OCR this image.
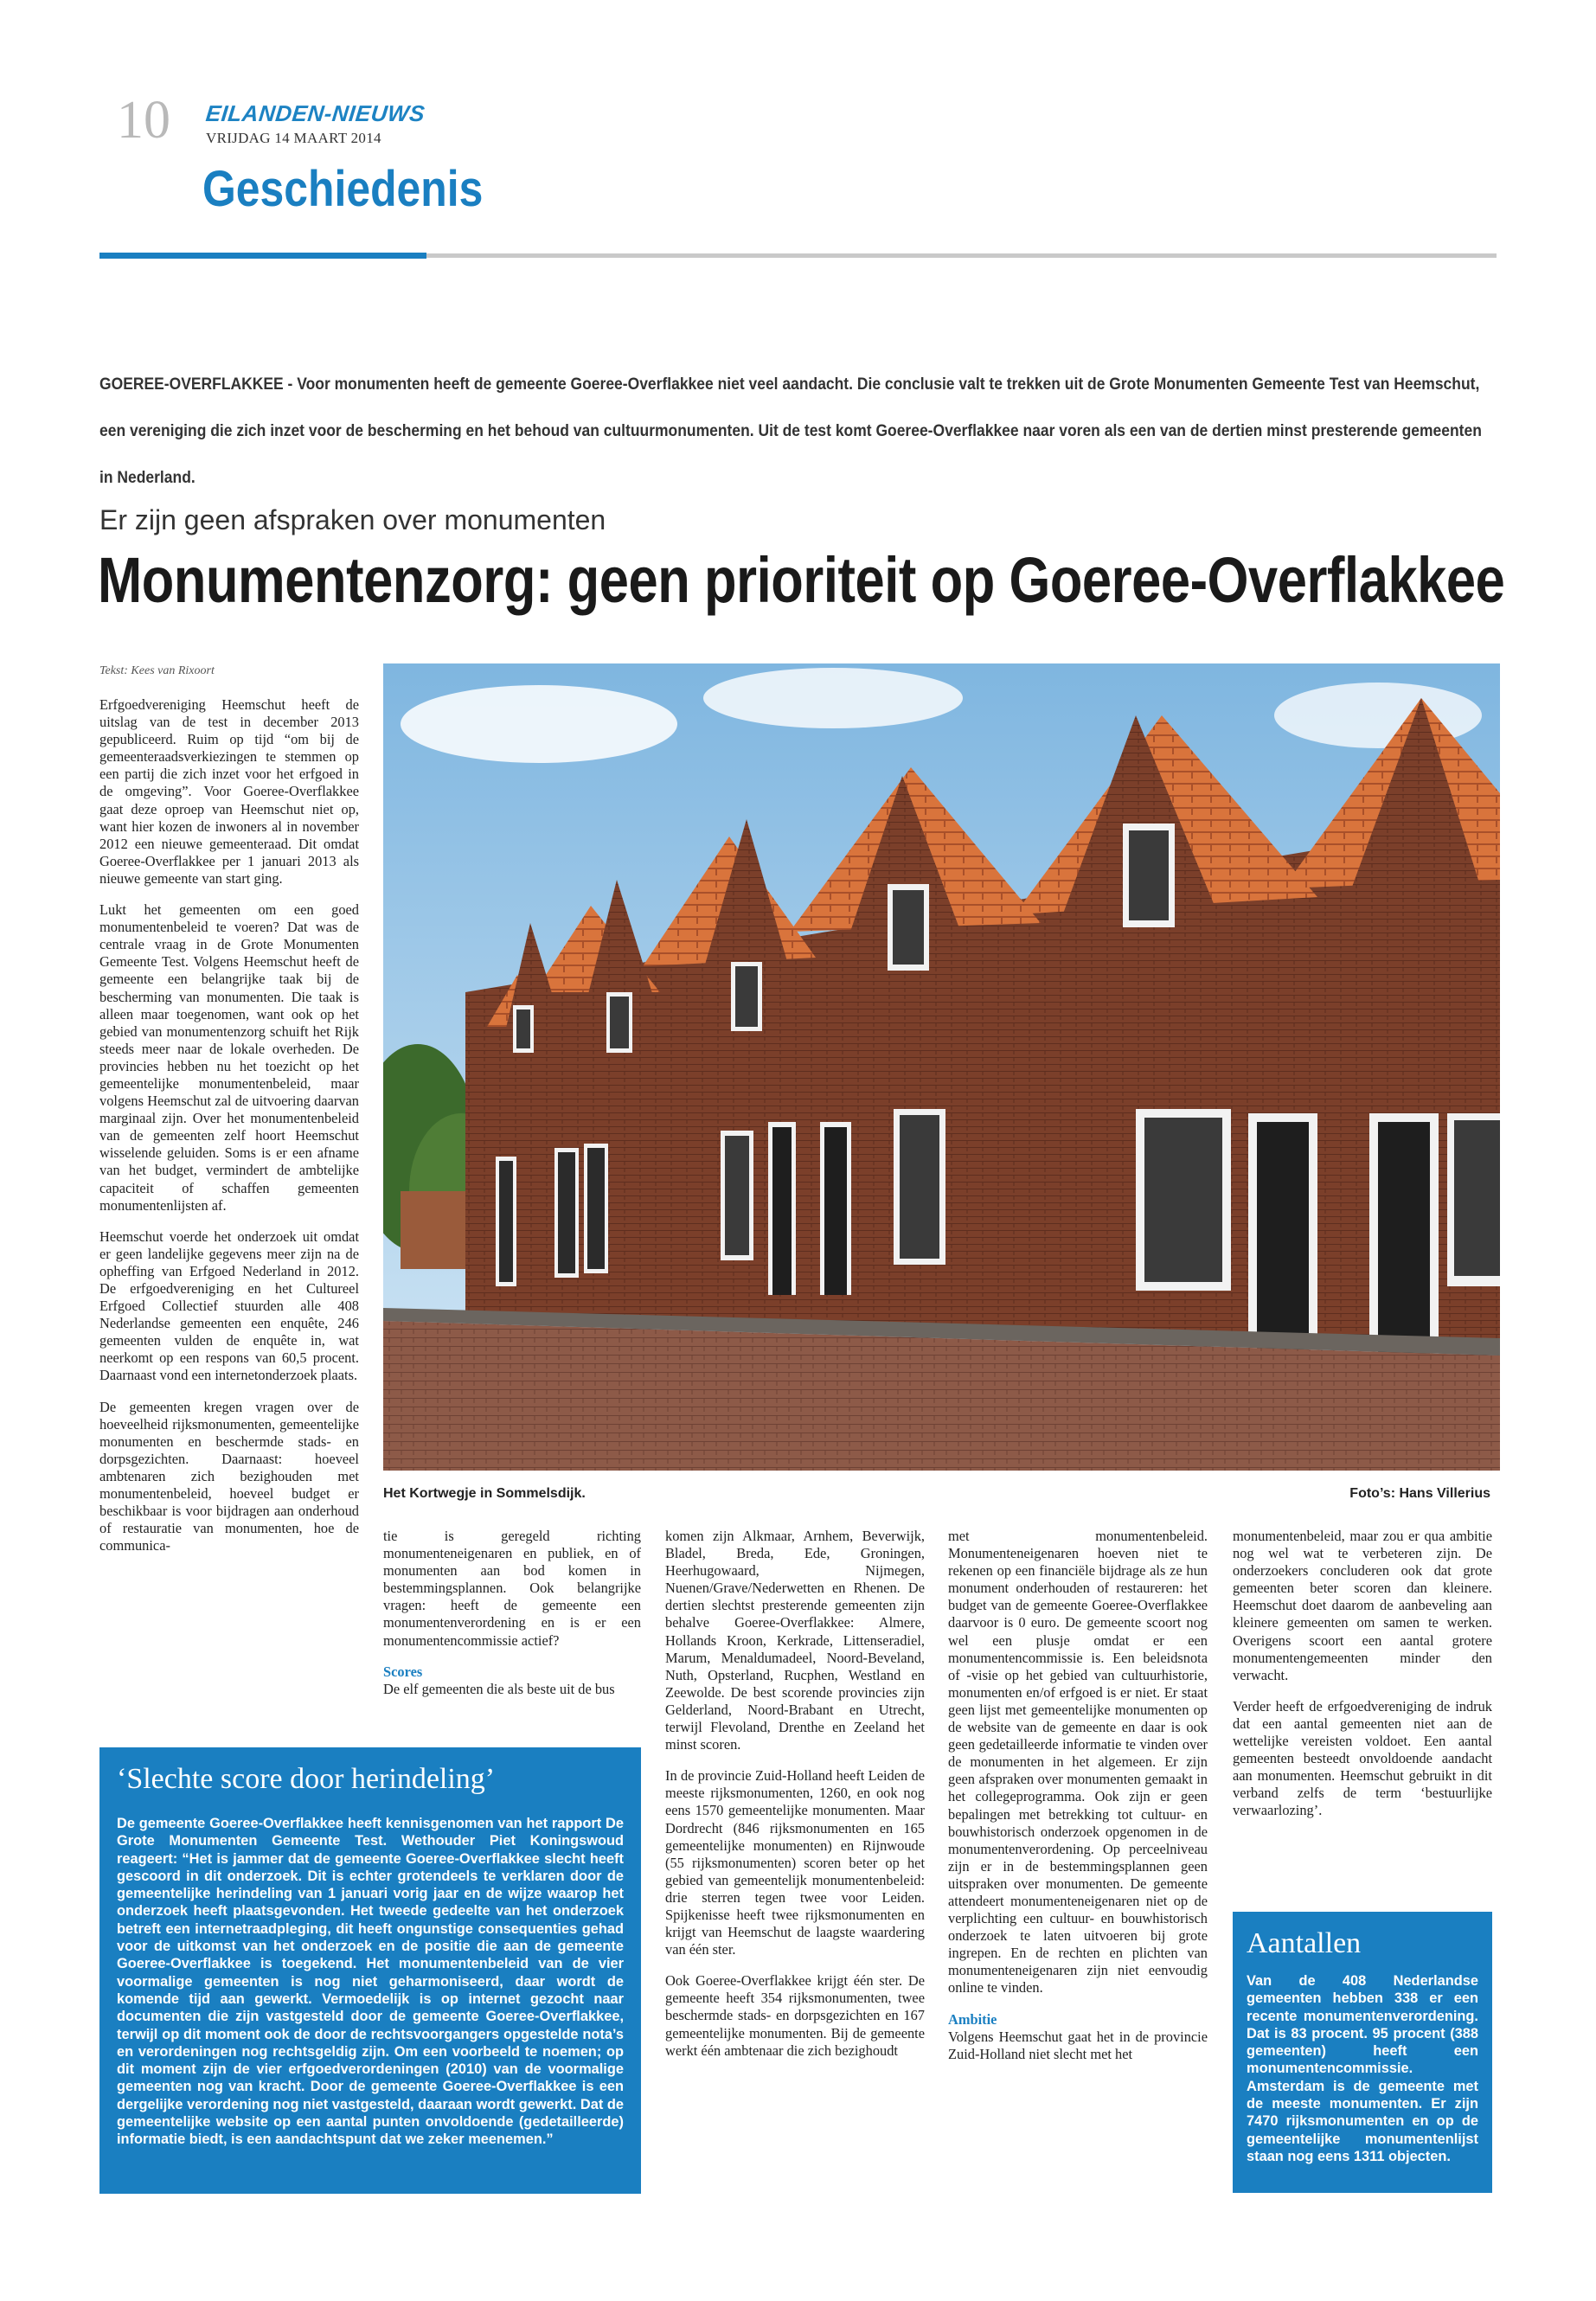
10 EILANDEN-NIEUWS
VRIJDAG 14 MAART 2014
Geschiedenis
GOEREE-OVERFLAKKEE - Voor monumenten heeft de gemeente Goeree-Overflakkee niet veel aandacht. Die conclusie valt te trekken uit de Grote Monumenten Gemeente Test van Heemschut, een vereniging die zich inzet voor de bescherming en het behoud van cultuurmonumenten. Uit de test komt Goeree-Overflakkee naar voren als een van de dertien minst presterende gemeenten in Nederland.
Er zijn geen afspraken over monumenten
Monumentenzorg: geen prioriteit op Goeree-Overflakkee
Tekst: Kees van Rixoort

Erfgoedvereniging Heemschut heeft de uitslag van de test in december 2013 gepubliceerd. Ruim op tijd “om bij de gemeenteraadsverkiezingen te stemmen op een partij die zich inzet voor het erfgoed in de omgeving”. Voor Goeree-Overflakkee gaat deze oproep van Heemschut niet op, want hier kozen de inwoners al in november 2012 een nieuwe gemeenteraad. Dit omdat Goeree-Overflakkee per 1 januari 2013 als nieuwe gemeente van start ging.

Lukt het gemeenten om een goed monumentenbeleid te voeren? Dat was de centrale vraag in de Grote Monumenten Gemeente Test. Volgens Heemschut heeft de gemeente een belangrijke taak bij de bescherming van monumenten. Die taak is alleen maar toegenomen, want ook op het gebied van monumentenzorg schuift het Rijk steeds meer naar de lokale overheden. De provincies hebben nu het toezicht op het gemeentelijke monumentenbeleid, maar volgens Heemschut zal de uitvoering daarvan marginaal zijn. Over het monumentenbeleid van de gemeenten zelf hoort Heemschut wisselende geluiden. Soms is er een afname van het budget, vermindert de ambtelijke capaciteit of schaffen gemeenten monumentenlijsten af.

Heemschut voerde het onderzoek uit omdat er geen landelijke gegevens meer zijn na de opheffing van Erfgoed Nederland in 2012. De erfgoedvereniging en het Cultureel Erfgoed Collectief stuurden alle 408 Nederlandse gemeenten een enquête, 246 gemeenten vulden de enquête in, wat neerkomt op een respons van 60,5 procent. Daarnaast vond een internetonderzoek plaats.

De gemeenten kregen vragen over de hoeveelheid rijksmonumenten, gemeentelijke monumenten en beschermde stads- en dorpsgezichten. Daarnaast: hoeveel ambtenaren zich bezighouden met monumentenbeleid, hoeveel budget er beschikbaar is voor bijdragen aan onderhoud of restauratie van monumenten, hoe de communica-

Het Kortwegje in Sommelsdijk.	Foto’s: Hans Villerius

tie is geregeld richting monumenteneigenaren en publiek, en of monumenten aan bod komen in bestemmingsplannen. Ook belangrijke vragen: heeft de gemeente een monumentenverordening en is er een monumentencommissie actief?

Scores

De elf gemeenten die als beste uit de bus

komen zijn Alkmaar, Arnhem, Beverwijk, Bladel, Breda, Ede, Groningen, Heerhugowaard, Nijmegen, Nuenen/Grave/Nederwetten en Rhenen. De dertien slechtst presterende gemeenten zijn behalve Goeree-Overflakkee: Almere, Hollands Kroon, Kerkrade, Littenseradiel, Marum, Menaldumadeel, Noord-Beveland, Nuth, Opsterland, Rucphen, Westland en Zeewolde. De best scorende provincies zijn Gelderland, Noord-Brabant en Utrecht, terwijl Flevoland, Drenthe en Zeeland het minst scoren.

In de provincie Zuid-Holland heeft Leiden de meeste rijksmonumenten, 1260, en ook nog eens 1570 gemeentelijke monumenten. Maar Dordrecht (846 rijksmonumenten en 165 gemeentelijke monumenten) en Rijnwoude (55 rijksmonumenten) scoren beter op het gebied van gemeentelijk monumentenbeleid: drie sterren tegen twee voor Leiden. Spijkenisse heeft twee rijksmonumenten en krijgt van Heemschut de laagste waardering van één ster.

Ook Goeree-Overflakkee krijgt één ster. De gemeente heeft 354 rijksmonumenten, twee beschermde stads- en dorpsgezichten en 167 gemeentelijke monumenten. Bij de gemeente werkt één ambtenaar die zich bezighoudt

met monumentenbeleid. Monumenteneigenaren hoeven niet te rekenen op een financiële bijdrage als ze hun monument onderhouden of restaureren: het budget van de gemeente Goeree-Overflakkee daarvoor is 0 euro. De gemeente scoort nog wel een plusje omdat er een monumentencommissie is. Een beleidsnota of -visie op het gebied van cultuurhistorie, monumenten en/of erfgoed is er niet. Er staat geen lijst met gemeentelijke monumenten op de website van de gemeente en daar is ook geen gedetailleerde informatie te vinden over de monumenten in het algemeen. Er zijn geen afspraken over monumenten gemaakt in het collegeprogramma. Ook zijn er geen bepalingen met betrekking tot cultuur- en bouwhistorisch onderzoek opgenomen in de monumentenverordening. Op perceelniveau zijn er in de bestemmingsplannen geen uitspraken over monumenten. De gemeente attendeert monumenteneigenaren niet op de verplichting een cultuur- en bouwhistorisch onderzoek te laten uitvoeren bij grote ingrepen. En de rechten en plichten van monumenteneigenaren zijn niet eenvoudig online te vinden.

Ambitie

Volgens Heemschut gaat het in de provincie Zuid-Holland niet slecht met het

monumentenbeleid, maar zou er qua ambitie nog wel wat te verbeteren zijn. De onderzoekers concluderen ook dat grote gemeenten beter scoren dan kleinere. Heemschut doet daarom de aanbeveling aan kleinere gemeenten om samen te werken. Overigens scoort een aantal grotere monumentengemeenten minder den verwacht.

Verder heeft de erfgoedvereniging de indruk dat een aantal gemeenten niet aan de wettelijke vereisten voldoet. Een aantal gemeenten besteedt onvoldoende aandacht aan monumenten. Heemschut gebruikt in dit verband zelfs de term ‘bestuurlijke verwaarlozing’.

‘Slechte score door herindeling’
De gemeente Goeree-Overflakkee heeft kennisgenomen van het rapport De Grote Monumenten Gemeente Test. Wethouder Piet Koningswoud reageert: “Het is jammer dat de gemeente Goeree-Overflakkee slecht heeft gescoord in dit onderzoek. Dit is echter grotendeels te verklaren door de gemeentelijke herindeling van 1 januari vorig jaar en de wijze waarop het onderzoek heeft plaatsgevonden. Het tweede gedeelte van het onderzoek betreft een internetraadpleging, dit heeft ongunstige consequenties gehad voor de uitkomst van het onderzoek en de positie die aan de gemeente Goeree-Overflakkee is toegekend. Het monumentenbeleid van de vier voormalige gemeenten is nog niet geharmoniseerd, daar wordt de komende tijd aan gewerkt. Vermoedelijk is op internet gezocht naar documenten die zijn vastgesteld door de gemeente Goeree-Overflakkee, terwijl op dit moment ook de door de rechtsvoorgangers opgestelde nota’s en verordeningen nog rechtsgeldig zijn. Om een voorbeeld te noemen; op dit moment zijn de vier erfgoedverordeningen (2010) van de voormalige gemeenten nog van kracht. Door de gemeente Goeree-Overflakkee is een dergelijke verordening nog niet vastgesteld, daaraan wordt gewerkt. Dat de gemeentelijke website op een aantal punten onvoldoende (gedetailleerde) informatie biedt, is een aandachtspunt dat we zeker meenemen.”
Aantallen
Van de 408 Nederlandse gemeenten hebben 338 er een recente monumentenverordening. Dat is 83 procent. 95 procent (388 gemeenten) heeft een monumentencommissie. Amsterdam is de gemeente met de meeste monumenten. Er zijn 7470 rijksmonumenten en op de gemeentelijke monumentenlijst staan nog eens 1311 objecten.
